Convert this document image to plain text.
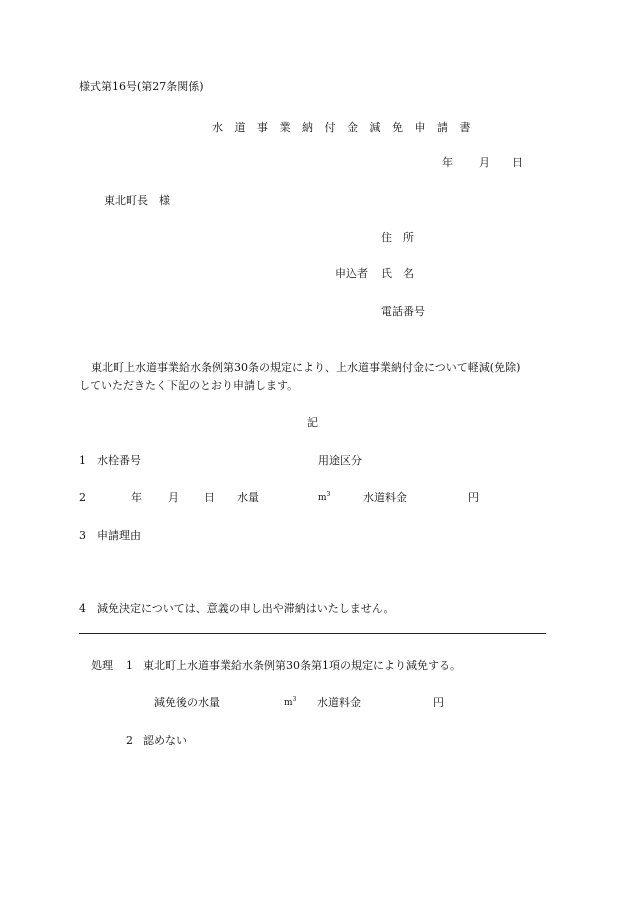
様式第16号(第27条関係)
水 道 事 業 納 付 金 減 免 申 請 書
年 月 日
東北町長　様
住　所
申込者 氏　名
電話番号
東北町上水道事業給水条例第30条の規定により、上水道事業納付金について軽減(免除)
していただきたく下記のとおり申請します。
記
1 水栓番号	用途区分
2	年 月 日 水量	$m^3$	水道料金	円
3 申請理由
4 減免決定については、意義の申し出や滞納はいたしません。
処理 1 東北町上水道事業給水条例第30条第1項の規定により減免する。
減免後の水量	$m^3$ 水道料金	円
2 認めない
